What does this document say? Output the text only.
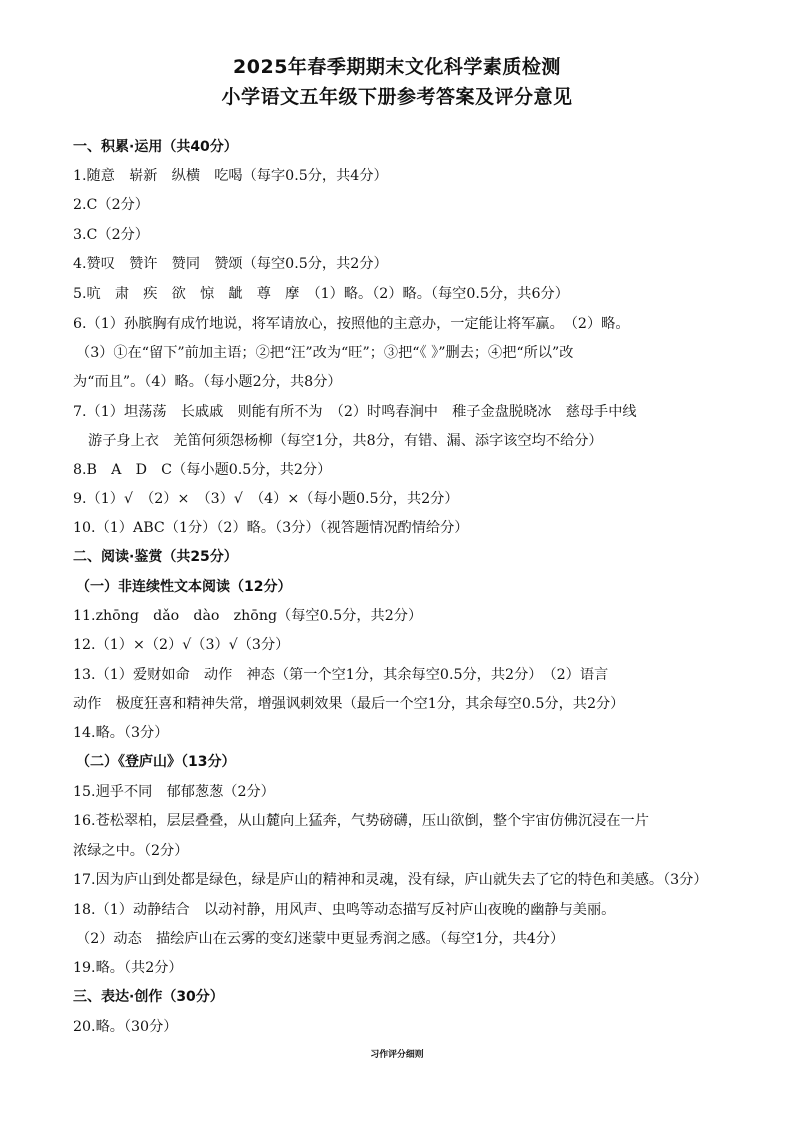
2025年春季期期末文化科学素质检测
小学语文五年级下册参考答案及评分意见
一、积累·运用（共40分）
1.随意　崭新　纵横　吃喝（每字0.5分，共4分）
2.C（2分）
3.C（2分）
4.赞叹　赞许　赞同　赞颂（每空0.5分，共2分）
5.吭　肃　疾　欲　惊　龇　尊　摩　（1）略。（2）略。（每空0.5分，共6分）
6.（1）孙膑胸有成竹地说，将军请放心，按照他的主意办，一定能让将军赢。　（2）略。
（3）①在“留下”前加主语；②把“汪”改为“旺”；③把“《 》”删去；④把“所以”改
为“而且”。（4）略。（每小题2分，共8分）
7.（1）坦荡荡　长戚戚　则能有所不为　（2）时鸣春涧中　稚子金盘脱晓冰　慈母手中线
游子身上衣　羌笛何须怨杨柳（每空1分，共8分，有错、漏、添字该空均不给分）
8.B　A　D　C（每小题0.5分，共2分）
9.（1）√　（2）×　（3）√　（4）×（每小题0.5分，共2分）
10.（1）ABC（1分）（2）略。（3分）（视答题情况酌情给分）
二、阅读·鉴赏（共25分）
（一）非连续性文本阅读（12分）
11.zhōng　dǎo　dào　zhōng（每空0.5分，共2分）
12.（1）×（2）√（3）√（3分）
13.（1）爱财如命　动作　神态（第一个空1分，其余每空0.5分，共2分）　（2）语言
动作　极度狂喜和精神失常，增强讽刺效果（最后一个空1分，其余每空0.5分，共2分）
14.略。（3分）
（二）《登庐山》（13分）
15.迥乎不同　郁郁葱葱（2分）
16.苍松翠柏，层层叠叠，从山麓向上猛奔，气势磅礴，压山欲倒，整个宇宙仿佛沉浸在一片
浓绿之中。（2分）
17.因为庐山到处都是绿色，绿是庐山的精神和灵魂，没有绿，庐山就失去了它的特色和美感。（3分）
18.（1）动静结合　以动衬静，用风声、虫鸣等动态描写反衬庐山夜晚的幽静与美丽。
（2）动态　描绘庐山在云雾的变幻迷蒙中更显秀润之感。（每空1分，共4分）
19.略。（共2分）
三、表达·创作（30分）
20.略。（30分）
习作评分细则
